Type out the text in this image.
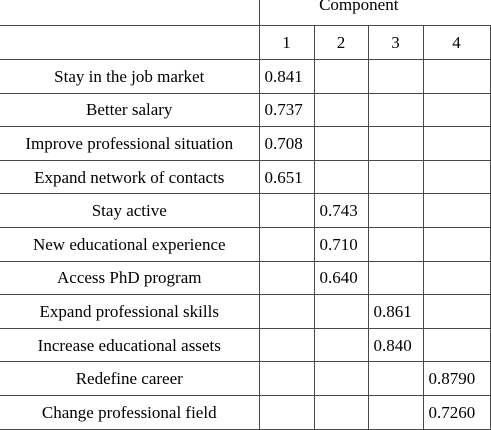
	Component			
	1	2	3	4
Stay in the job market	0.841			
Better salary	0.737			
Improve professional situation	0.708			
Expand network of contacts	0.651			
Stay active		0.743		
New educational experience		0.710		
Access PhD program		0.640		
Expand professional skills			0.861	
Increase educational assets			0.840	
Redefine career				0.8790
Change professional field				0.7260
